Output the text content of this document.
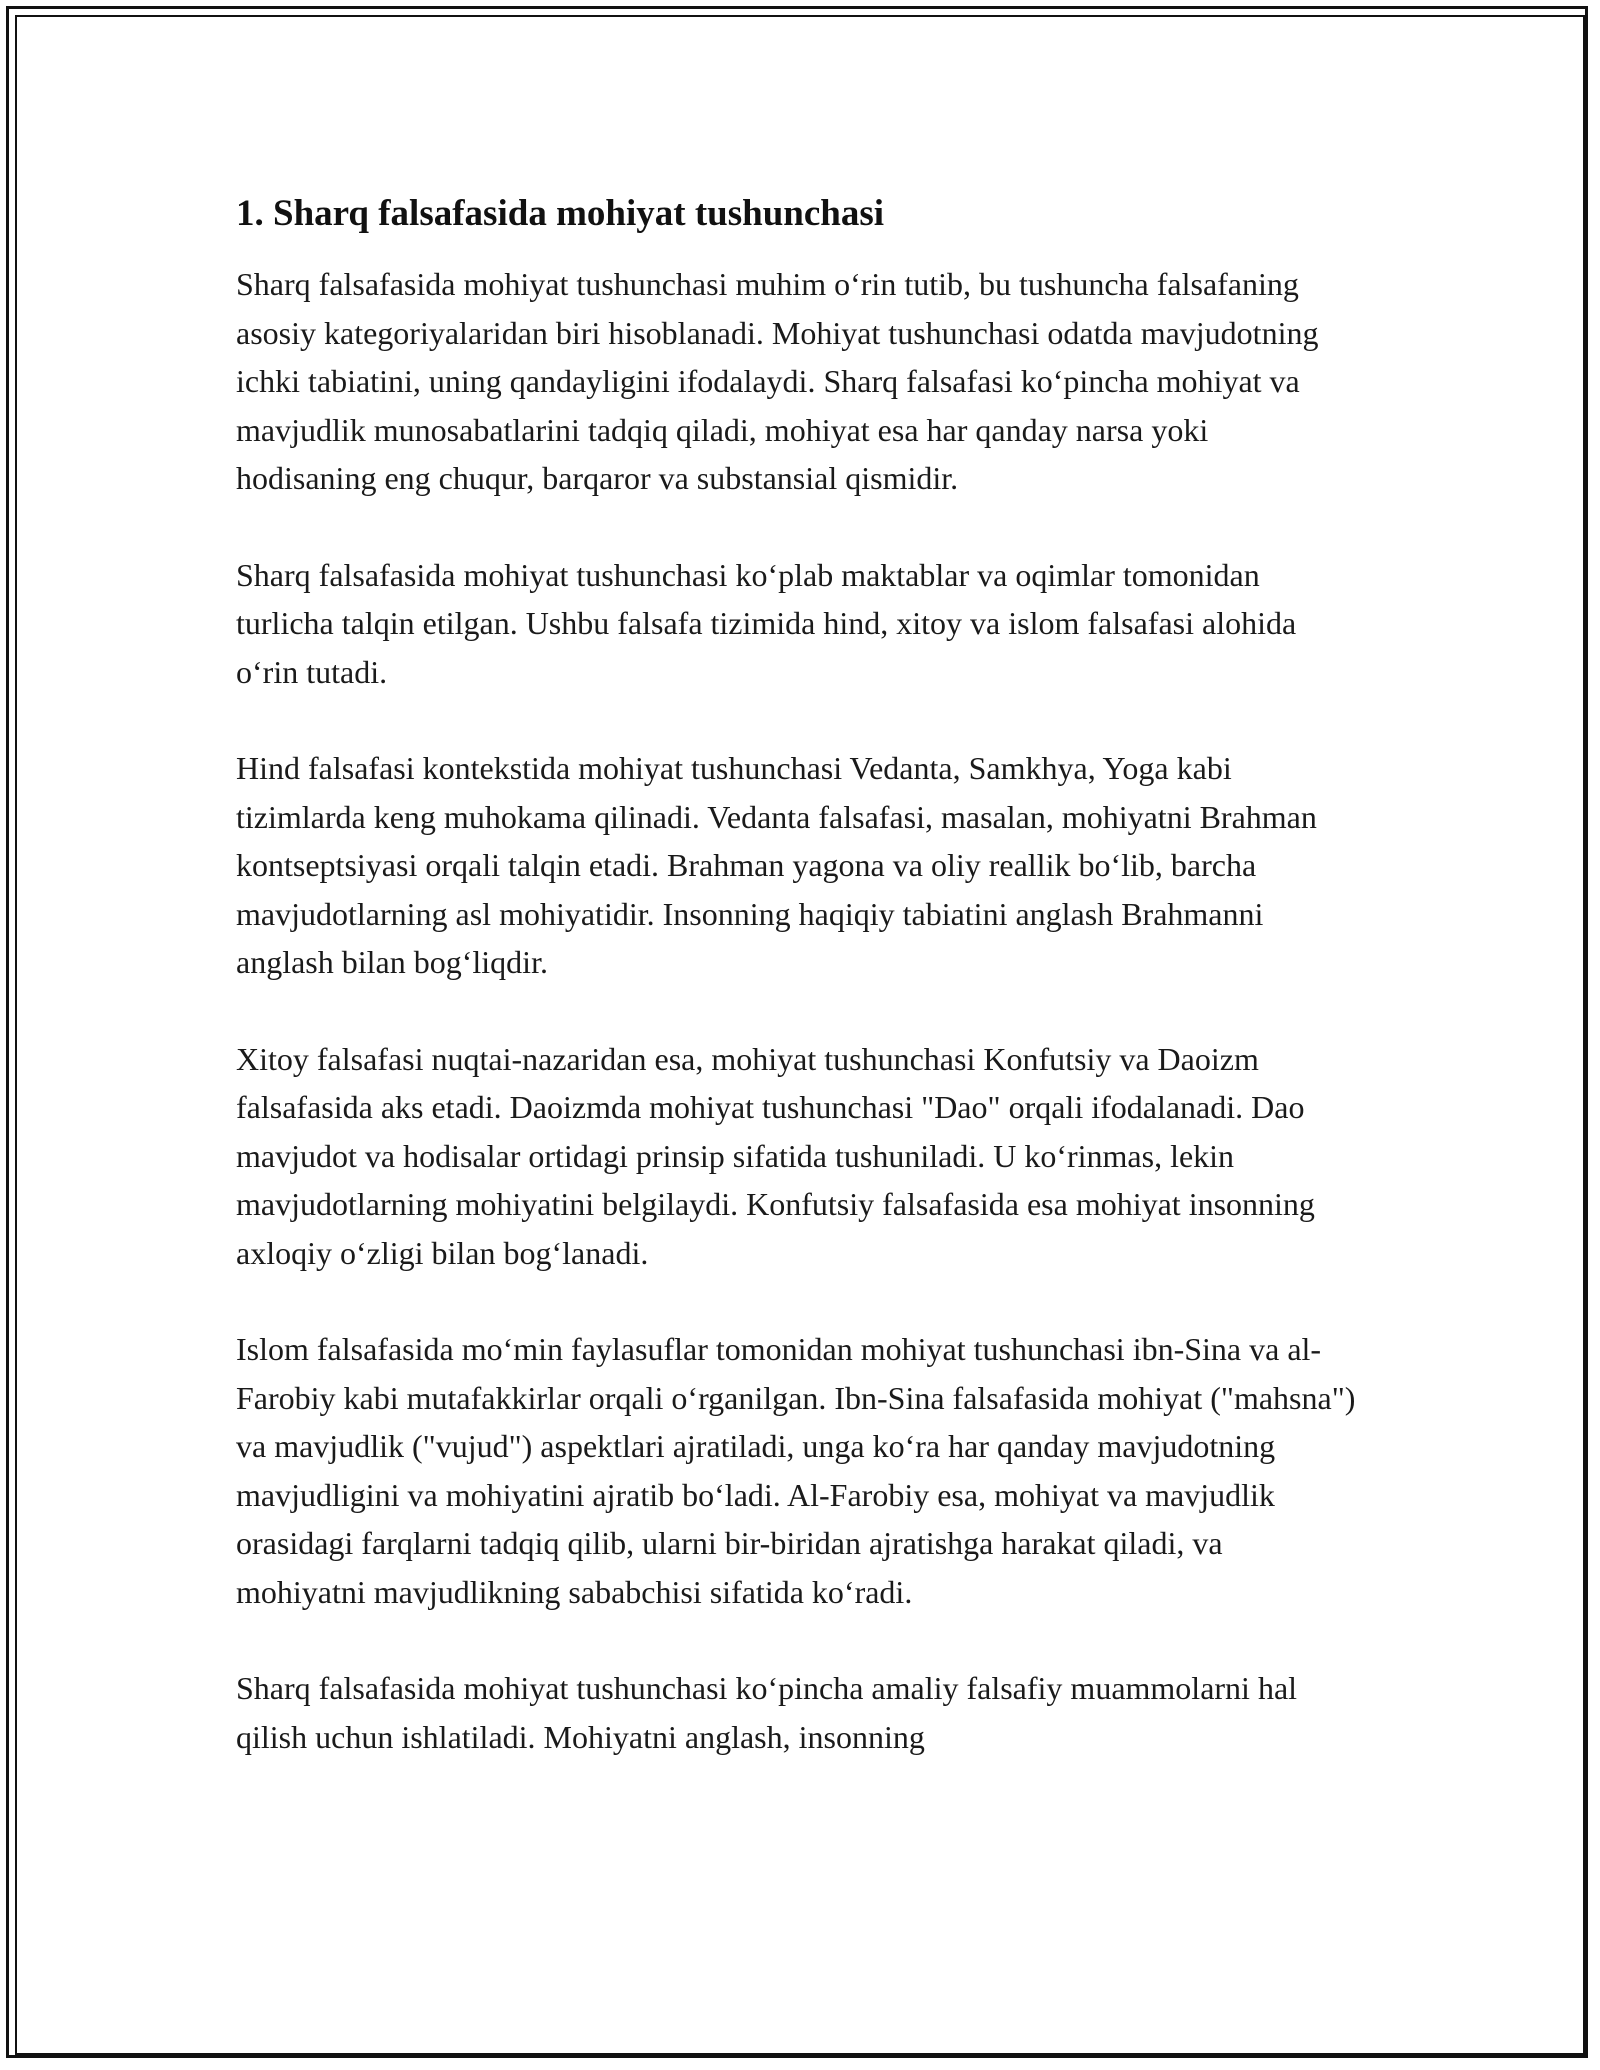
1. Sharq falsafasida mohiyat tushunchasi

Sharq falsafasida mohiyat tushunchasi muhim o‘rin tutib, bu tushuncha falsafaning asosiy kategoriyalaridan biri hisoblanadi. Mohiyat tushunchasi odatda mavjudotning ichki tabiatini, uning qandayligini ifodalaydi. Sharq falsafasi ko‘pincha mohiyat va mavjudlik munosabatlarini tadqiq qiladi, mohiyat esa har qanday narsa yoki hodisaning eng chuqur, barqaror va substansial qismidir.

Sharq falsafasida mohiyat tushunchasi ko‘plab maktablar va oqimlar tomonidan turlicha talqin etilgan. Ushbu falsafa tizimida hind, xitoy va islom falsafasi alohida o‘rin tutadi.

Hind falsafasi kontekstida mohiyat tushunchasi Vedanta, Samkhya, Yoga kabi tizimlarda keng muhokama qilinadi. Vedanta falsafasi, masalan, mohiyatni Brahman kontseptsiyasi orqali talqin etadi. Brahman yagona va oliy reallik bo‘lib, barcha mavjudotlarning asl mohiyatidir. Insonning haqiqiy tabiatini anglash Brahmanni anglash bilan bog‘liqdir.

Xitoy falsafasi nuqtai-nazaridan esa, mohiyat tushunchasi Konfutsiy va Daoizm falsafasida aks etadi. Daoizmda mohiyat tushunchasi "Dao" orqali ifodalanadi. Dao mavjudot va hodisalar ortidagi prinsip sifatida tushuniladi. U ko‘rinmas, lekin mavjudotlarning mohiyatini belgilaydi. Konfutsiy falsafasida esa mohiyat insonning axloqiy o‘zligi bilan bog‘lanadi.

Islom falsafasida mo‘min faylasuflar tomonidan mohiyat tushunchasi ibn-Sina va al-Farobiy kabi mutafakkirlar orqali o‘rganilgan. Ibn-Sina falsafasida mohiyat ("mahsna") va mavjudlik ("vujud") aspektlari ajratiladi, unga ko‘ra har qanday mavjudotning mavjudligini va mohiyatini ajratib bo‘ladi. Al-Farobiy esa, mohiyat va mavjudlik orasidagi farqlarni tadqiq qilib, ularni bir-biridan ajratishga harakat qiladi, va mohiyatni mavjudlikning sababchisi sifatida ko‘radi.

Sharq falsafasida mohiyat tushunchasi ko‘pincha amaliy falsafiy muammolarni hal qilish uchun ishlatiladi. Mohiyatni anglash, insonning
